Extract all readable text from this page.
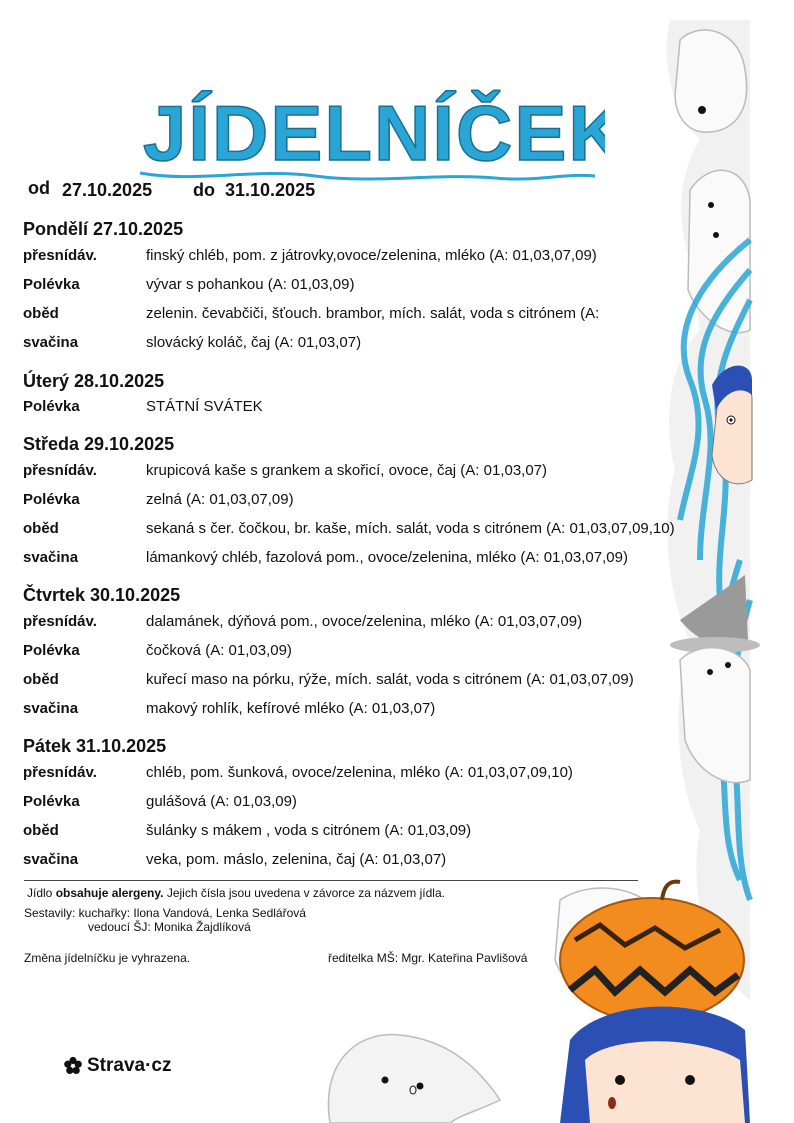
JÍDELNÍČEK
od 27.10.2025 do 31.10.2025
Pondělí 27.10.2025
přesnídáv.	finský chléb, pom. z játrovky,ovoce/zelenina, mléko (A: 01,03,07,09)
Polévka	vývar s pohankou (A: 01,03,09)
oběd	zelenin. čevabčiči, šťouch. brambor, mích. salát, voda s citrónem (A:
svačina	slovácký koláč, čaj (A: 01,03,07)
Úterý 28.10.2025
Polévka	STÁTNÍ SVÁTEK
Středa 29.10.2025
přesnídáv.	krupicová kaše s grankem a skořicí, ovoce, čaj (A: 01,03,07)
Polévka	zelná (A: 01,03,07,09)
oběd	sekaná s čer. čočkou, br. kaše, mích. salát, voda s citrónem (A: 01,03,07,09,10)
svačina	lámankový chléb, fazolová pom., ovoce/zelenina, mléko (A: 01,03,07,09)
Čtvrtek 30.10.2025
přesnídáv.	dalamánek, dýňová pom., ovoce/zelenina, mléko (A: 01,03,07,09)
Polévka	čočková (A: 01,03,09)
oběd	kuřecí maso na pórku, rýže, mích. salát, voda s citrónem (A: 01,03,07,09)
svačina	makový rohlík, kefírové mléko (A: 01,03,07)
Pátek 31.10.2025
přesnídáv.	chléb, pom. šunková, ovoce/zelenina, mléko (A: 01,03,07,09,10)
Polévka	gulášová (A: 01,03,09)
oběd	šulánky s mákem , voda s citrónem (A: 01,03,09)
svačina	veka, pom. máslo, zelenina, čaj (A: 01,03,07)
Jídlo obsahuje alergeny. Jejich čísla jsou uvedena v závorce za názvem jídla.
Sestavily: kuchařky: Ilona Vandová, Lenka Sedlářová
vedoucí ŠJ: Monika Žajdlíková
Změna jídelníčku je vyhrazena.	ředitelka MŠ: Mgr. Kateřina Pavlišová
Strava·cz
